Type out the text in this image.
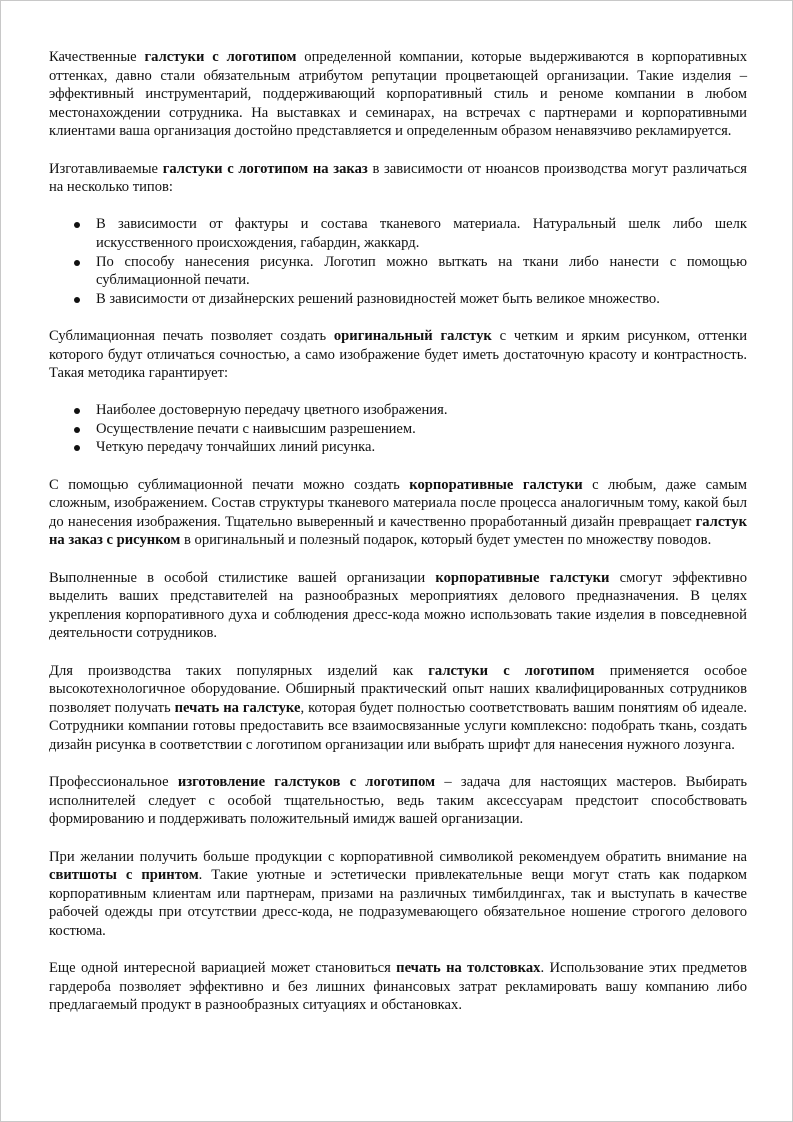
Качественные галстуки с логотипом определенной компании, которые выдерживаются в корпоративных оттенках, давно стали обязательным атрибутом репутации процветающей организации. Такие изделия – эффективный инструментарий, поддерживающий корпоративный стиль и реноме компании в любом местонахождении сотрудника. На выставках и семинарах, на встречах с партнерами и корпоративными клиентами ваша организация достойно представляется и определенным образом ненавязчиво рекламируется.

Изготавливаемые галстуки с логотипом на заказ в зависимости от нюансов производства могут различаться на несколько типов:

В зависимости от фактуры и состава тканевого материала. Натуральный шелк либо шелк искусственного происхождения, габардин, жаккард.
По способу нанесения рисунка. Логотип можно выткать на ткани либо нанести с помощью сублимационной печати.
В зависимости от дизайнерских решений разновидностей может быть великое множество.

Сублимационная печать позволяет создать оригинальный галстук с четким и ярким рисунком, оттенки которого будут отличаться сочностью, а само изображение будет иметь достаточную красоту и контрастность. Такая методика гарантирует:

Наиболее достоверную передачу цветного изображения.
Осуществление печати с наивысшим разрешением.
Четкую передачу тончайших линий рисунка.

С помощью сублимационной печати можно создать корпоративные галстуки с любым, даже самым сложным, изображением. Состав структуры тканевого материала после процесса аналогичным тому, какой был до нанесения изображения. Тщательно выверенный и качественно проработанный дизайн превращает галстук на заказ с рисунком в оригинальный и полезный подарок, который будет уместен по множеству поводов.

Выполненные в особой стилистике вашей организации корпоративные галстуки смогут эффективно выделить ваших представителей на разнообразных мероприятиях делового предназначения. В целях укрепления корпоративного духа и соблюдения дресс-кода можно использовать такие изделия в повседневной деятельности сотрудников.

Для производства таких популярных изделий как галстуки с логотипом применяется особое высокотехнологичное оборудование. Обширный практический опыт наших квалифицированных сотрудников позволяет получать печать на галстуке, которая будет полностью соответствовать вашим понятиям об идеале. Сотрудники компании готовы предоставить все взаимосвязанные услуги комплексно: подобрать ткань, создать дизайн рисунка в соответствии с логотипом организации или выбрать шрифт для нанесения нужного лозунга.

Профессиональное изготовление галстуков с логотипом – задача для настоящих мастеров. Выбирать исполнителей следует с особой тщательностью, ведь таким аксессуарам предстоит способствовать формированию и поддерживать положительный имидж вашей организации.

При желании получить больше продукции с корпоративной символикой рекомендуем обратить внимание на свитшоты с принтом. Такие уютные и эстетически привлекательные вещи могут стать как подарком корпоративным клиентам или партнерам, призами на различных тимбилдингах, так и выступать в качестве рабочей одежды при отсутствии дресс-кода, не подразумевающего обязательное ношение строгого делового костюма.

Еще одной интересной вариацией может становиться печать на толстовках. Использование этих предметов гардероба позволяет эффективно и без лишних финансовых затрат рекламировать вашу компанию либо предлагаемый продукт в разнообразных ситуациях и обстановках.
